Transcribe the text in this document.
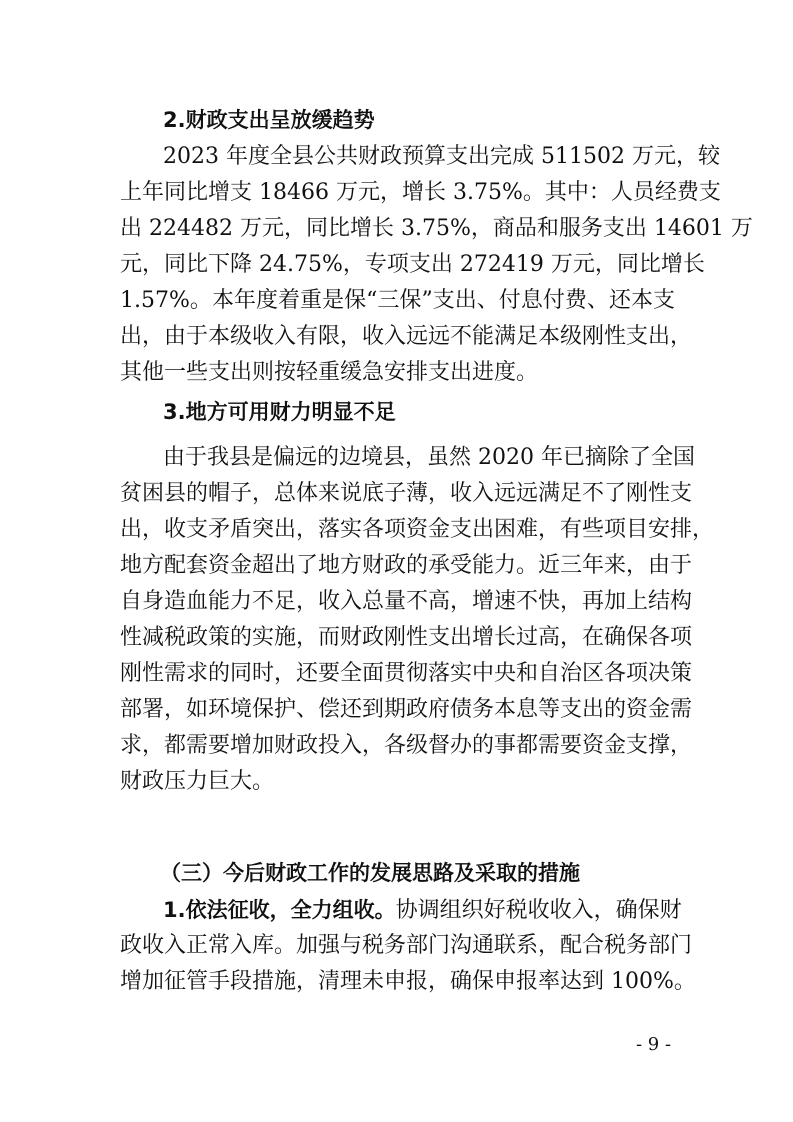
2.财政支出呈放缓趋势
2023 年度全县公共财政预算支出完成 511502 万元，较
上年同比增支 18466 万元，增长 3.75%。其中：人员经费支
出 224482 万元，同比增长 3.75%，商品和服务支出 14601 万
元，同比下降 24.75%，专项支出 272419 万元，同比增长
1.57%。本年度着重是保“三保”支出、付息付费、还本支
出，由于本级收入有限，收入远远不能满足本级刚性支出，
其他一些支出则按轻重缓急安排支出进度。
3.地方可用财力明显不足
由于我县是偏远的边境县，虽然 2020 年已摘除了全国
贫困县的帽子，总体来说底子薄，收入远远满足不了刚性支
出，收支矛盾突出，落实各项资金支出困难，有些项目安排，
地方配套资金超出了地方财政的承受能力。近三年来，由于
自身造血能力不足，收入总量不高，增速不快，再加上结构
性减税政策的实施，而财政刚性支出增长过高，在确保各项
刚性需求的同时，还要全面贯彻落实中央和自治区各项决策
部署，如环境保护、偿还到期政府债务本息等支出的资金需
求，都需要增加财政投入，各级督办的事都需要资金支撑，
财政压力巨大。
（三）今后财政工作的发展思路及采取的措施
1.依法征收，全力组收。协调组织好税收收入，确保财
政收入正常入库。加强与税务部门沟通联系，配合税务部门
增加征管手段措施，清理未申报，确保申报率达到 100%。
- 9 -
